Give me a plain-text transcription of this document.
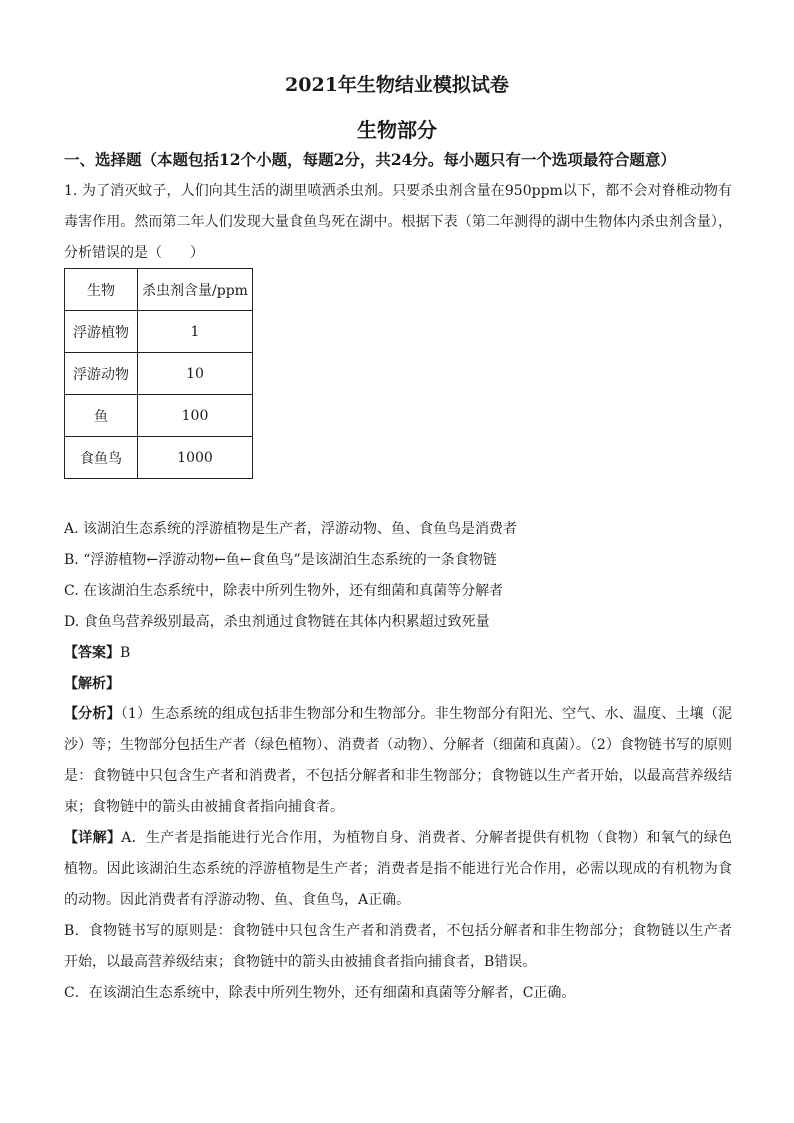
2021年生物结业模拟试卷
生物部分
一、选择题（本题包括12个小题，每题2分，共24分。每小题只有一个选项最符合题意）
1. 为了消灭蚊子，人们向其生活的湖里喷洒杀虫剂。只要杀虫剂含量在950ppm以下，都不会对脊椎动物有毒害作用。然而第二年人们发现大量食鱼鸟死在湖中。根据下表（第二年测得的湖中生物体内杀虫剂含量），分析错误的是（　　）
生物	杀虫剂含量/ppm
浮游植物	1
浮游动物	10
鱼	100
食鱼鸟	1000
A. 该湖泊生态系统的浮游植物是生产者，浮游动物、鱼、食鱼鸟是消费者
B. “浮游植物←浮游动物←鱼←食鱼鸟”是该湖泊生态系统的一条食物链
C. 在该湖泊生态系统中，除表中所列生物外，还有细菌和真菌等分解者
D. 食鱼鸟营养级别最高，杀虫剂通过食物链在其体内积累超过致死量
【答案】B
【解析】
【分析】（1）生态系统的组成包括非生物部分和生物部分。非生物部分有阳光、空气、水、温度、土壤（泥沙）等；生物部分包括生产者（绿色植物）、消费者（动物）、分解者（细菌和真菌）。（2）食物链书写的原则是：食物链中只包含生产者和消费者，不包括分解者和非生物部分；食物链以生产者开始，以最高营养级结束；食物链中的箭头由被捕食者指向捕食者。
【详解】A．生产者是指能进行光合作用，为植物自身、消费者、分解者提供有机物（食物）和氧气的绿色植物。因此该湖泊生态系统的浮游植物是生产者；消费者是指不能进行光合作用，必需以现成的有机物为食的动物。因此消费者有浮游动物、鱼、食鱼鸟，A正确。
B．食物链书写的原则是：食物链中只包含生产者和消费者，不包括分解者和非生物部分；食物链以生产者开始，以最高营养级结束；食物链中的箭头由被捕食者指向捕食者，B错误。
C．在该湖泊生态系统中，除表中所列生物外，还有细菌和真菌等分解者，C正确。
